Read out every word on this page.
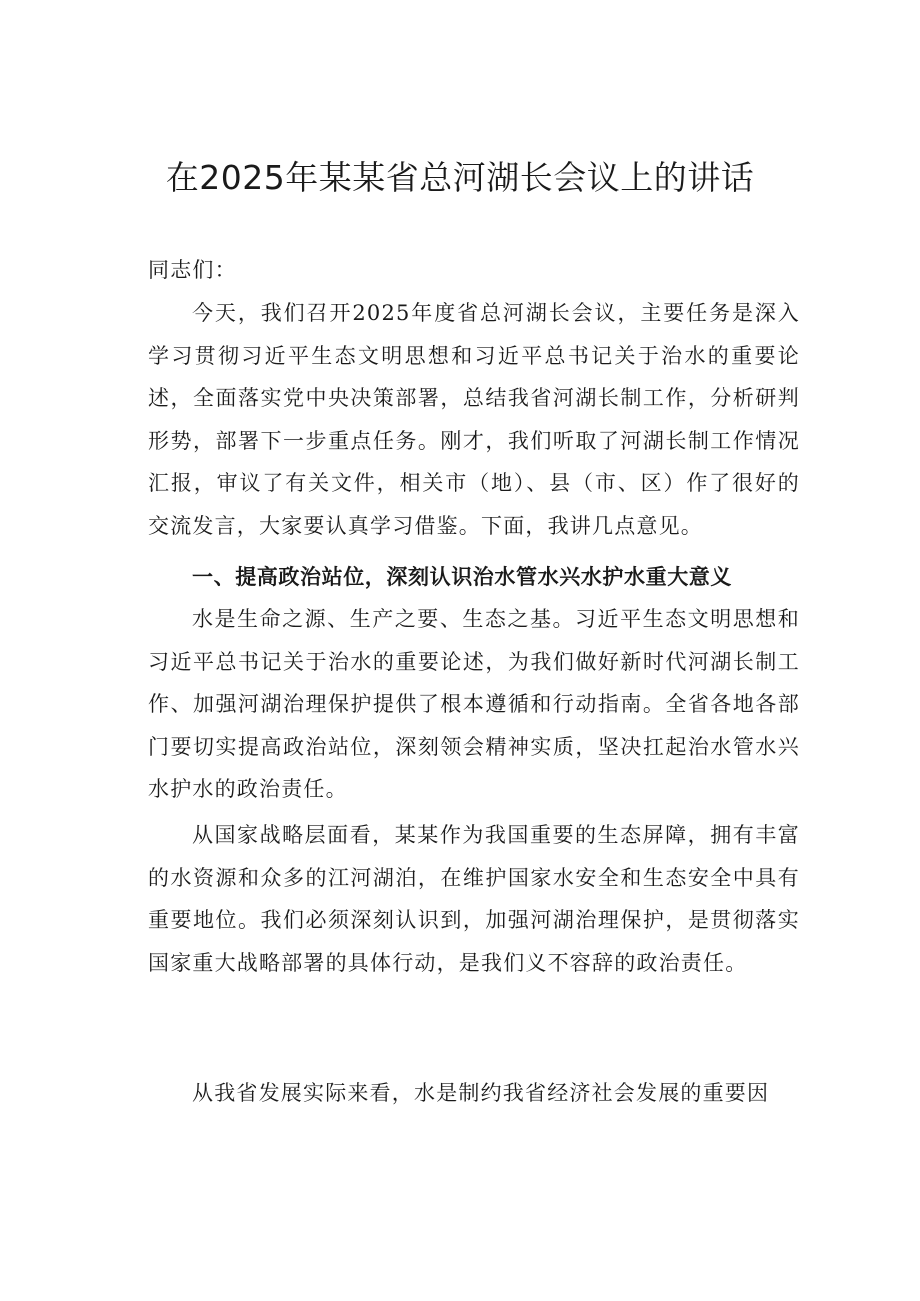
在2025年某某省总河湖长会议上的讲话

同志们：

今天，我们召开2025年度省总河湖长会议，主要任务是深入学习贯彻习近平生态文明思想和习近平总书记关于治水的重要论述，全面落实党中央决策部署，总结我省河湖长制工作，分析研判形势，部署下一步重点任务。刚才，我们听取了河湖长制工作情况汇报，审议了有关文件，相关市（地）、县（市、区）作了很好的交流发言，大家要认真学习借鉴。下面，我讲几点意见。

一、提高政治站位，深刻认识治水管水兴水护水重大意义

水是生命之源、生产之要、生态之基。习近平生态文明思想和习近平总书记关于治水的重要论述，为我们做好新时代河湖长制工作、加强河湖治理保护提供了根本遵循和行动指南。全省各地各部门要切实提高政治站位，深刻领会精神实质，坚决扛起治水管水兴水护水的政治责任。

从国家战略层面看，某某作为我国重要的生态屏障，拥有丰富的水资源和众多的江河湖泊，在维护国家水安全和生态安全中具有重要地位。我们必须深刻认识到，加强河湖治理保护，是贯彻落实国家重大战略部署的具体行动，是我们义不容辞的政治责任。

从我省发展实际来看，水是制约我省经济社会发展的重要因
